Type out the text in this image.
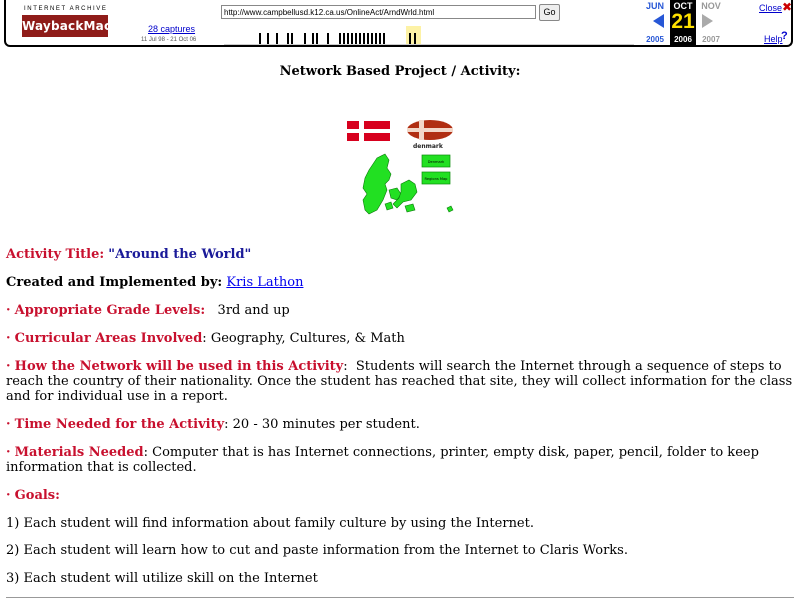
INTERNET ARCHIVE
WaybackMachine
http://www.campbellusd.k12.ca.us/OnlineAct/ArndWrld.html	Go
28 captures
11 Jul 98 - 21 Oct 06
JUN	OCT NOV
21
2005	2006	2007
Close ✖
Help
?
Network Based Project / Activity:
denmark
Denmark
Regions Map
Activity Title: "Around the World"
Created and Implemented by: Kris Lathon
· Appropriate Grade Levels: 3rd and up
· Curricular Areas Involved: Geography, Cultures, & Math
· How the Network will be used in this Activity:  Students will search the Internet through a sequence of steps to reach the country of their nationality. Once the student has reached that site, they will collect information for the class and for individual use in a report.
· Time Needed for the Activity: 20 - 30 minutes per student.
· Materials Needed: Computer that is has Internet connections, printer, empty disk, paper, pencil, folder to keep information that is collected.
· Goals:
1) Each student will find information about family culture by using the Internet.
2) Each student will learn how to cut and paste information from the Internet to Claris Works.
3) Each student will utilize skill on the Internet
